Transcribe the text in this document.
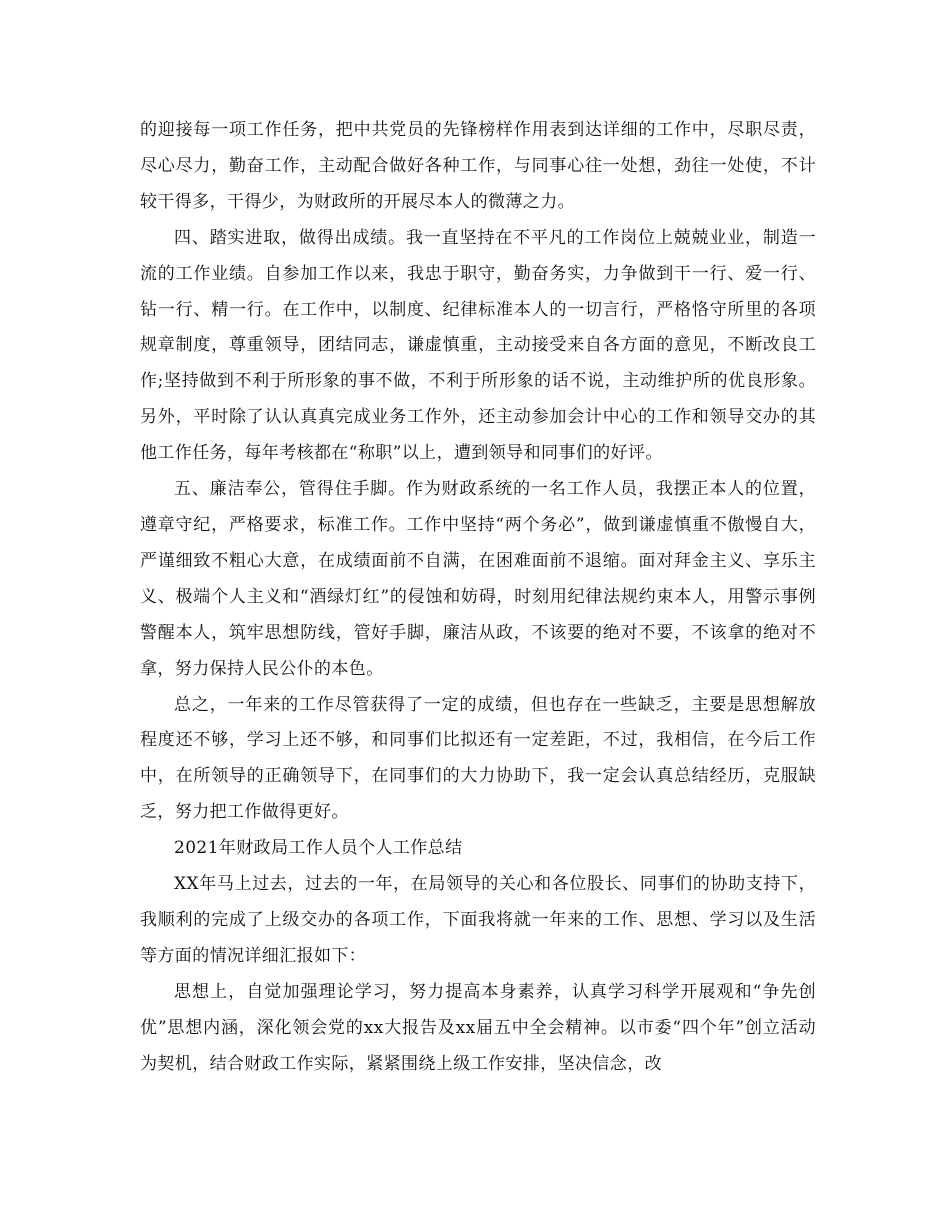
的迎接每一项工作任务，把中共党员的先锋榜样作用表到达详细的工作中，尽职尽责，尽心尽力，勤奋工作，主动配合做好各种工作，与同事心往一处想，劲往一处使，不计较干得多，干得少，为财政所的开展尽本人的微薄之力。

四、踏实进取，做得出成绩。我一直坚持在不平凡的工作岗位上兢兢业业，制造一流的工作业绩。自参加工作以来，我忠于职守，勤奋务实，力争做到干一行、爱一行、钻一行、精一行。在工作中，以制度、纪律标准本人的一切言行，严格恪守所里的各项规章制度，尊重领导，团结同志，谦虚慎重，主动接受来自各方面的意见，不断改良工作;坚持做到不利于所形象的事不做，不利于所形象的话不说，主动维护所的优良形象。另外，平时除了认认真真完成业务工作外，还主动参加会计中心的工作和领导交办的其他工作任务，每年考核都在“称职”以上，遭到领导和同事们的好评。

五、廉洁奉公，管得住手脚。作为财政系统的一名工作人员，我摆正本人的位置，遵章守纪，严格要求，标准工作。工作中坚持“两个务必”，做到谦虚慎重不傲慢自大，严谨细致不粗心大意，在成绩面前不自满，在困难面前不退缩。面对拜金主义、享乐主义、极端个人主义和“酒绿灯红”的侵蚀和妨碍，时刻用纪律法规约束本人，用警示事例警醒本人，筑牢思想防线，管好手脚，廉洁从政，不该要的绝对不要，不该拿的绝对不拿，努力保持人民公仆的本色。

总之，一年来的工作尽管获得了一定的成绩，但也存在一些缺乏，主要是思想解放程度还不够，学习上还不够，和同事们比拟还有一定差距，不过，我相信，在今后工作中，在所领导的正确领导下，在同事们的大力协助下，我一定会认真总结经历，克服缺乏，努力把工作做得更好。

2021年财政局工作人员个人工作总结

XX年马上过去，过去的一年，在局领导的关心和各位股长、同事们的协助支持下，我顺利的完成了上级交办的各项工作，下面我将就一年来的工作、思想、学习以及生活等方面的情况详细汇报如下：

思想上，自觉加强理论学习，努力提高本身素养，认真学习科学开展观和“争先创优”思想内涵，深化领会党的xx大报告及xx届五中全会精神。以市委“四个年”创立活动为契机，结合财政工作实际，紧紧围绕上级工作安排，坚决信念，改
